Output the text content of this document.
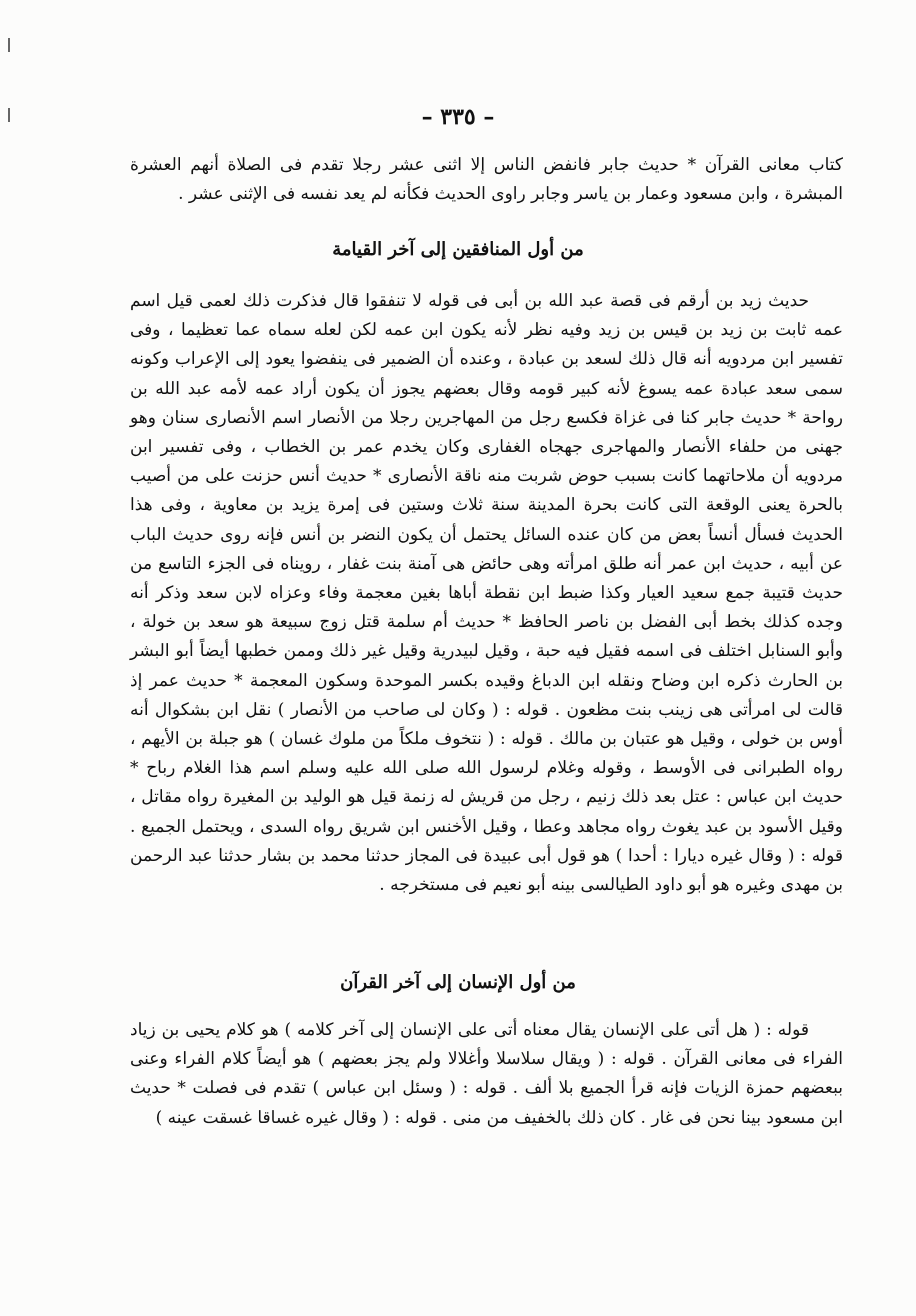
– ٣٣٥ –

كتاب معانى القرآن * حديث جابر فانفض الناس إلا اثنى عشر رجلا تقدم فى الصلاة أنهم العشرة المبشرة ، وابن مسعود وعمار بن ياسر وجابر راوى الحديث فكأنه لم يعد نفسه فى الإثنى عشر .

من أول المنافقين إلى آخر القيامة

حديث زيد بن أرقم فى قصة عبد الله بن أبى فى قوله لا تنفقوا قال فذكرت ذلك لعمى قيل اسم عمه ثابت بن زيد بن قيس بن زيد وفيه نظر لأنه يكون ابن عمه لكن لعله سماه عما تعظيما ، وفى تفسير ابن مردويه أنه قال ذلك لسعد بن عبادة ، وعنده أن الضمير فى ينفضوا يعود إلى الإعراب وكونه سمى سعد عبادة عمه يسوغ لأنه كبير قومه وقال بعضهم يجوز أن يكون أراد عمه لأمه عبد الله بن رواحة * حديث جابر كنا فى غزاة فكسع رجل من المهاجرين رجلا من الأنصار اسم الأنصارى سنان وهو جهنى من حلفاء الأنصار والمهاجرى جهجاه الغفارى وكان يخدم عمر بن الخطاب ، وفى تفسير ابن مردويه أن ملاحاتهما كانت بسبب حوض شربت منه ناقة الأنصارى * حديث أنس حزنت على من أصيب بالحرة يعنى الوقعة التى كانت بحرة المدينة سنة ثلاث وستين فى إمرة يزيد بن معاوية ، وفى هذا الحديث فسأل أنساً بعض من كان عنده السائل يحتمل أن يكون النضر بن أنس فإنه روى حديث الباب عن أبيه ، حديث ابن عمر أنه طلق امرأته وهى حائض هى آمنة بنت غفار ، رويناه فى الجزء التاسع من حديث قتيبة جمع سعيد العيار وكذا ضبط ابن نقطة أباها بغين معجمة وفاء وعزاه لابن سعد وذكر أنه وجده كذلك بخط أبى الفضل بن ناصر الحافظ * حديث أم سلمة قتل زوج سبيعة هو سعد بن خولة ، وأبو السنابل اختلف فى اسمه فقيل فيه حبة ، وقيل لبيدرية وقيل غير ذلك وممن خطبها أيضاً أبو البشر بن الحارث ذكره ابن وضاح ونقله ابن الدباغ وقيده بكسر الموحدة وسكون المعجمة * حديث عمر إذ قالت لى امرأتى هى زينب بنت مظعون . قوله : ( وكان لى صاحب من الأنصار ) نقل ابن بشكوال أنه أوس بن خولى ، وقيل هو عتبان بن مالك . قوله : ( نتخوف ملكاً من ملوك غسان ) هو جبلة بن الأيهم ، رواه الطبرانى فى الأوسط ، وقوله وغلام لرسول الله صلى الله عليه وسلم اسم هذا الغلام رباح * حديث ابن عباس : عتل بعد ذلك زنيم ، رجل من قريش له زنمة قيل هو الوليد بن المغيرة رواه مقاتل ، وقيل الأسود بن عبد يغوث رواه مجاهد وعطا ، وقيل الأخنس ابن شريق رواه السدى ، ويحتمل الجميع . قوله : ( وقال غيره ديارا : أحدا ) هو قول أبى عبيدة فى المجاز حدثنا محمد بن بشار حدثنا عبد الرحمن بن مهدى وغيره هو أبو داود الطيالسى بينه أبو نعيم فى مستخرجه .

من أول الإنسان إلى آخر القرآن

قوله : ( هل أتى على الإنسان يقال معناه أتى على الإنسان إلى آخر كلامه ) هو كلام يحيى بن زياد الفراء فى معانى القرآن . قوله : ( ويقال سلاسلا وأغلالا ولم يجز بعضهم ) هو أيضاً كلام الفراء وعنى ببعضهم حمزة الزيات فإنه قرأ الجميع بلا ألف . قوله : ( وسئل ابن عباس ) تقدم فى فصلت * حديث ابن مسعود بينا نحن فى غار . كان ذلك بالخفيف من منى . قوله : ( وقال غيره غساقا غسقت عينه )
